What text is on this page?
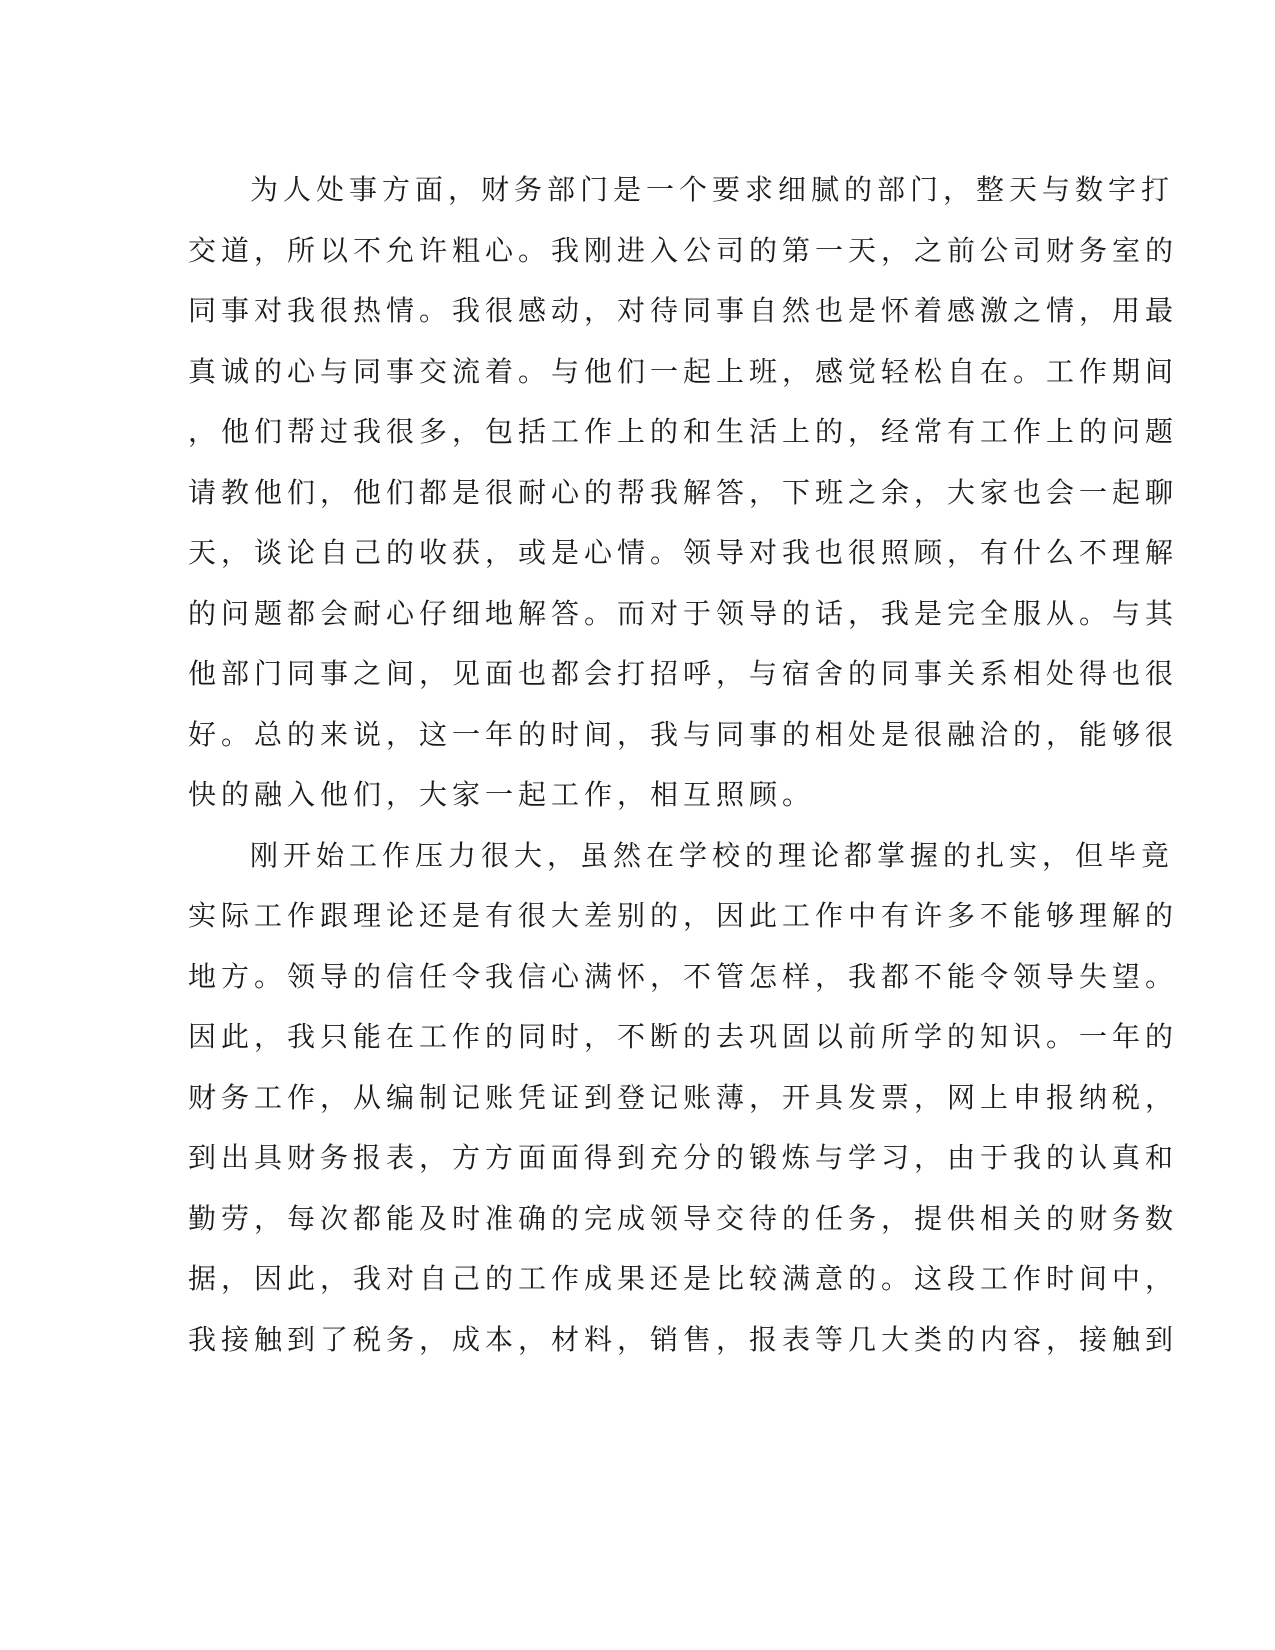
为人处事方面，财务部门是一个要求细腻的部门，整天与数字打
交道，所以不允许粗心。我刚进入公司的第一天，之前公司财务室的
同事对我很热情。我很感动，对待同事自然也是怀着感激之情，用最
真诚的心与同事交流着。与他们一起上班，感觉轻松自在。工作期间
，他们帮过我很多，包括工作上的和生活上的，经常有工作上的问题
请教他们，他们都是很耐心的帮我解答，下班之余，大家也会一起聊
天，谈论自己的收获，或是心情。领导对我也很照顾，有什么不理解
的问题都会耐心仔细地解答。而对于领导的话，我是完全服从。与其
他部门同事之间，见面也都会打招呼，与宿舍的同事关系相处得也很
好。总的来说，这一年的时间，我与同事的相处是很融洽的，能够很
快的融入他们，大家一起工作，相互照顾。
刚开始工作压力很大，虽然在学校的理论都掌握的扎实，但毕竟
实际工作跟理论还是有很大差别的，因此工作中有许多不能够理解的
地方。领导的信任令我信心满怀，不管怎样，我都不能令领导失望。
因此，我只能在工作的同时，不断的去巩固以前所学的知识。一年的
财务工作，从编制记账凭证到登记账薄，开具发票，网上申报纳税，
到出具财务报表，方方面面得到充分的锻炼与学习，由于我的认真和
勤劳，每次都能及时准确的完成领导交待的任务，提供相关的财务数
据，因此，我对自己的工作成果还是比较满意的。这段工作时间中，
我接触到了税务，成本，材料，销售，报表等几大类的内容，接触到
